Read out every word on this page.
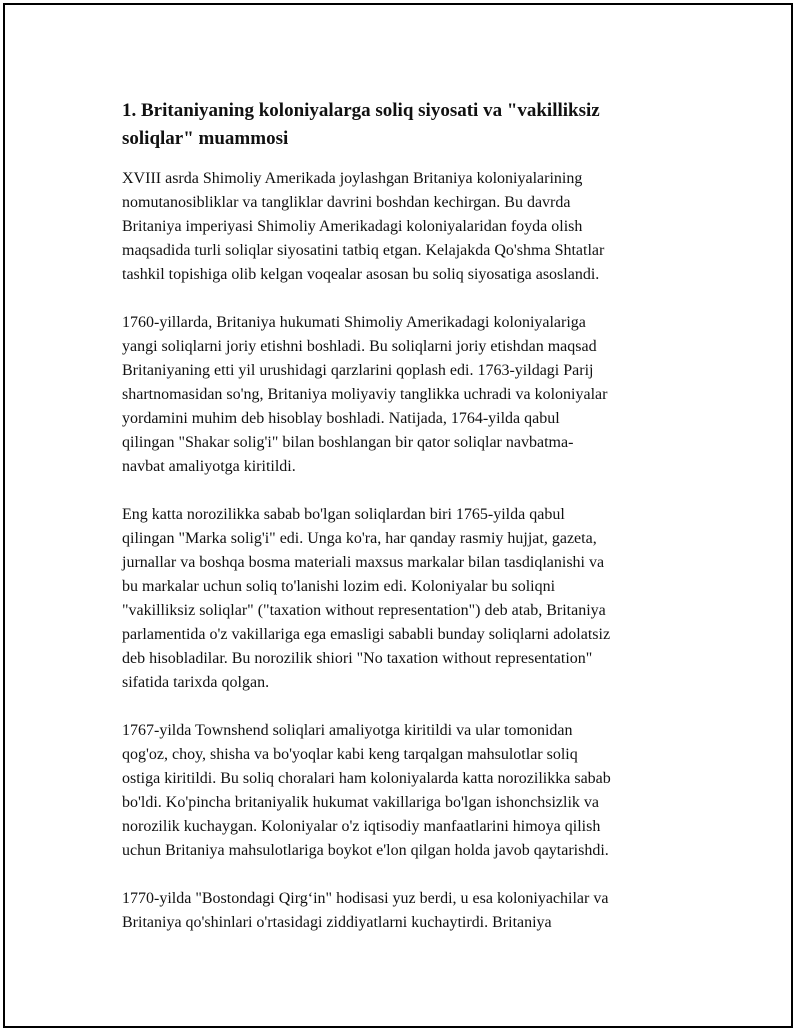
1. Britaniyaning koloniyalarga soliq siyosati va "vakilliksiz
soliqlar" muammosi

XVIII asrda Shimoliy Amerikada joylashgan Britaniya koloniyalarining
nomutanosibliklar va tangliklar davrini boshdan kechirgan. Bu davrda
Britaniya imperiyasi Shimoliy Amerikadagi koloniyalaridan foyda olish
maqsadida turli soliqlar siyosatini tatbiq etgan. Kelajakda Qo'shma Shtatlar
tashkil topishiga olib kelgan voqealar asosan bu soliq siyosatiga asoslandi.

1760-yillarda, Britaniya hukumati Shimoliy Amerikadagi koloniyalariga
yangi soliqlarni joriy etishni boshladi. Bu soliqlarni joriy etishdan maqsad
Britaniyaning etti yil urushidagi qarzlarini qoplash edi. 1763-yildagi Parij
shartnomasidan so'ng, Britaniya moliyaviy tanglikka uchradi va koloniyalar
yordamini muhim deb hisoblay boshladi. Natijada, 1764-yilda qabul
qilingan "Shakar solig'i" bilan boshlangan bir qator soliqlar navbatma-
navbat amaliyotga kiritildi.

Eng katta norozilikka sabab bo'lgan soliqlardan biri 1765-yilda qabul
qilingan "Marka solig'i" edi. Unga ko'ra, har qanday rasmiy hujjat, gazeta,
jurnallar va boshqa bosma materiali maxsus markalar bilan tasdiqlanishi va
bu markalar uchun soliq to'lanishi lozim edi. Koloniyalar bu soliqni
"vakilliksiz soliqlar" ("taxation without representation") deb atab, Britaniya
parlamentida o'z vakillariga ega emasligi sababli bunday soliqlarni adolatsiz
deb hisobladilar. Bu norozilik shiori "No taxation without representation"
sifatida tarixda qolgan.

1767-yilda Townshend soliqlari amaliyotga kiritildi va ular tomonidan
qog'oz, choy, shisha va bo'yoqlar kabi keng tarqalgan mahsulotlar soliq
ostiga kiritildi. Bu soliq choralari ham koloniyalarda katta norozilikka sabab
bo'ldi. Ko'pincha britaniyalik hukumat vakillariga bo'lgan ishonchsizlik va
norozilik kuchaygan. Koloniyalar o'z iqtisodiy manfaatlarini himoya qilish
uchun Britaniya mahsulotlariga boykot e'lon qilgan holda javob qaytarishdi.

1770-yilda "Bostondagi Qirg‘in" hodisasi yuz berdi, u esa koloniyachilar va
Britaniya qo'shinlari o'rtasidagi ziddiyatlarni kuchaytirdi. Britaniya
